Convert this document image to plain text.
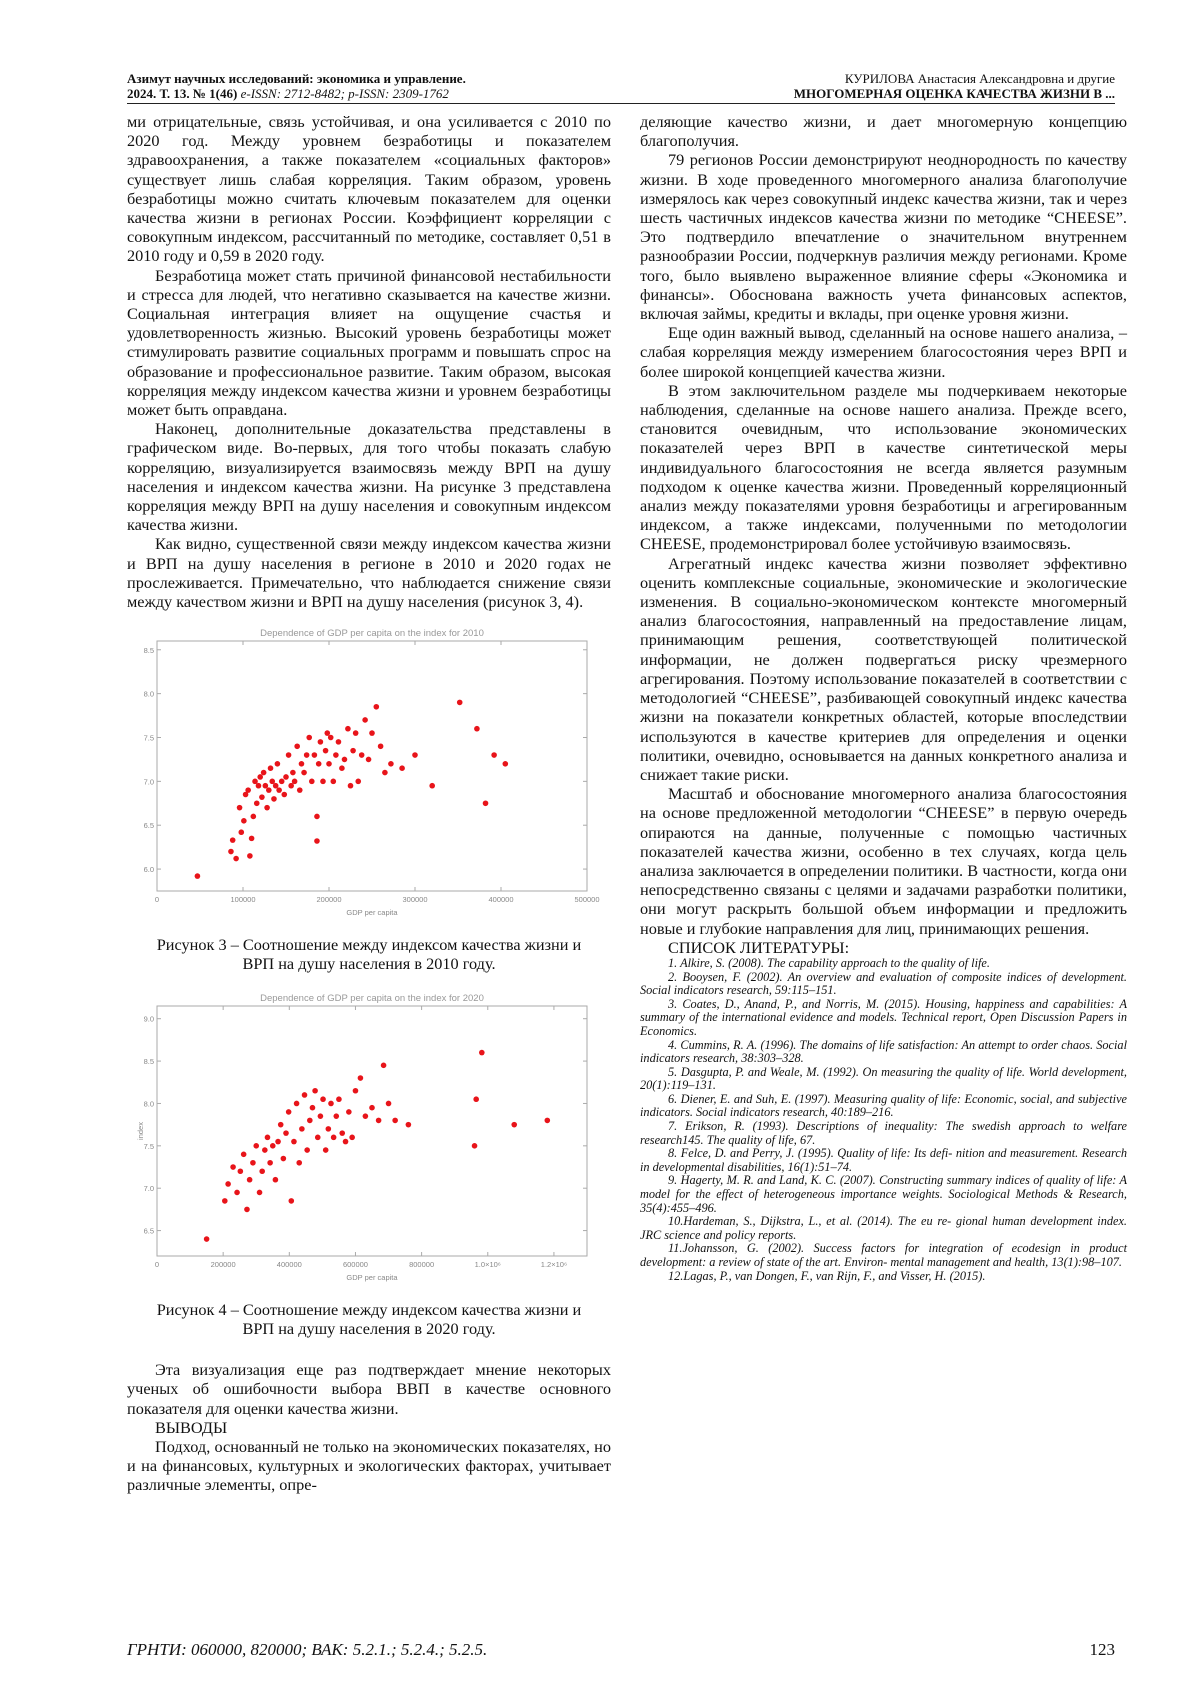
Азимут научных исследований: экономика и управление.
2024. Т. 13. № 1(46) e-ISSN: 2712-8482; p-ISSN: 2309-1762
КУРИЛОВА Анастасия Александровна и другие
МНОГОМЕРНАЯ ОЦЕНКА КАЧЕСТВА ЖИЗНИ В ...

ми отрицательные, связь устойчивая, и она усиливается с 2010 по 2020 год. Между уровнем безработицы и показателем здравоохранения, а также показателем «социальных факторов» существует лишь слабая корреляция. Таким образом, уровень безработицы можно считать ключевым показателем для оценки качества жизни в регионах России. Коэффициент корреляции с совокупным индексом, рассчитанный по методике, составляет 0,51 в 2010 году и 0,59 в 2020 году.

Безработица может стать причиной финансовой нестабильности и стресса для людей, что негативно сказывается на качестве жизни. Социальная интеграция влияет на ощущение счастья и удовлетворенность жизнью. Высокий уровень безработицы может стимулировать развитие социальных программ и повышать спрос на образование и профессиональное развитие. Таким образом, высокая корреляция между индексом качества жизни и уровнем безработицы может быть оправдана.

Наконец, дополнительные доказательства представлены в графическом виде. Во-первых, для того чтобы показать слабую корреляцию, визуализируется взаимосвязь между ВРП на душу населения и индексом качества жизни. На рисунке 3 представлена корреляция между ВРП на душу населения и совокупным индексом качества жизни.

Как видно, существенной связи между индексом качества жизни и ВРП на душу населения в регионе в 2010 и 2020 годах не прослеживается. Примечательно, что наблюдается снижение связи между качеством жизни и ВРП на душу населения (рисунок 3, 4).

Dependence of GDP per capita on the index for 2010
0	100000	200000	300000	400000	500000
6.0
6.5
7.0
7.5
8.0
8.5
GDP per capita
Рисунок 3 – Соотношение между индексом качества жизни и ВРП на душу населения в 2010 году.
Dependence of GDP per capita on the index for 2020
0	200000	400000	600000	800000	1.0×10⁶	1.2×10⁶
6.5
7.0
7.5
8.0
8.5
9.0
GDP per capita
index
Рисунок 4 – Соотношение между индексом качества жизни и ВРП на душу населения в 2020 году.

Эта визуализация еще раз подтверждает мнение некоторых ученых об ошибочности выбора ВВП в качестве основного показателя для оценки качества жизни.

ВЫВОДЫ

Подход, основанный не только на экономических показателях, но и на финансовых, культурных и экологических факторах, учитывает различные элементы, опре-

деляющие качество жизни, и дает многомерную концепцию благополучия.

79 регионов России демонстрируют неоднородность по качеству жизни. В ходе проведенного многомерного анализа благополучие измерялось как через совокупный индекс качества жизни, так и через шесть частичных индексов качества жизни по методике “CHEESE”. Это подтвердило впечатление о значительном внутреннем разнообразии России, подчеркнув различия между регионами. Кроме того, было выявлено выраженное влияние сферы «Экономика и финансы». Обоснована важность учета финансовых аспектов, включая займы, кредиты и вклады, при оценке уровня жизни.

Еще один важный вывод, сделанный на основе нашего анализа, – слабая корреляция между измерением благосостояния через ВРП и более широкой концепцией качества жизни.

В этом заключительном разделе мы подчеркиваем некоторые наблюдения, сделанные на основе нашего анализа. Прежде всего, становится очевидным, что использование экономических показателей через ВРП в качестве синтетической меры индивидуального благосостояния не всегда является разумным подходом к оценке качества жизни. Проведенный корреляционный анализ между показателями уровня безработицы и агрегированным индексом, а также индексами, полученными по методологии CHEESE, продемонстрировал более устойчивую взаимосвязь.

Агрегатный индекс качества жизни позволяет эффективно оценить комплексные социальные, экономические и экологические изменения. В социально-экономическом контексте многомерный анализ благосостояния, направленный на предоставление лицам, принимающим решения, соответствующей политической информации, не должен подвергаться риску чрезмерного агрегирования. Поэтому использование показателей в соответствии с методологией “CHEESE”, разбивающей совокупный индекс качества жизни на показатели конкретных областей, которые впоследствии используются в качестве критериев для определения и оценки политики, очевидно, основывается на данных конкретного анализа и снижает такие риски.

Масштаб и обоснование многомерного анализа благосостояния на основе предложенной методологии “CHEESE” в первую очередь опираются на данные, полученные с помощью частичных показателей качества жизни, особенно в тех случаях, когда цель анализа заключается в определении политики. В частности, когда они непосредственно связаны с целями и задачами разработки политики, они могут раскрыть большой объем информации и предложить новые и глубокие направления для лиц, принимающих решения.

СПИСОК ЛИТЕРАТУРЫ:

1. Alkire, S. (2008). The capability approach to the quality of life.

2. Booysen, F. (2002). An overview and evaluation of composite indices of development. Social indicators research, 59:115–151.

3. Coates, D., Anand, P., and Norris, M. (2015). Housing, happiness and capabilities: A summary of the international evidence and models. Technical report, Open Discussion Papers in Economics.

4. Cummins, R. A. (1996). The domains of life satisfaction: An attempt to order chaos. Social indicators research, 38:303–328.

5. Dasgupta, P. and Weale, M. (1992). On measuring the quality of life. World development, 20(1):119–131.

6. Diener, E. and Suh, E. (1997). Measuring quality of life: Economic, social, and subjective indicators. Social indicators research, 40:189–216.

7. Erikson, R. (1993). Descriptions of inequality: The swedish approach to welfare research145. The quality of life, 67.

8. Felce, D. and Perry, J. (1995). Quality of life: Its defi- nition and measurement. Research in developmental disabilities, 16(1):51–74.

9. Hagerty, M. R. and Land, K. C. (2007). Constructing summary indices of quality of life: A model for the effect of heterogeneous importance weights. Sociological Methods & Research, 35(4):455–496.

10.Hardeman, S., Dijkstra, L., et al. (2014). The eu re- gional human development index. JRC science and policy reports.

11.Johansson, G. (2002). Success factors for integration of ecodesign in product development: a review of state of the art. Environ- mental management and health, 13(1):98–107.

12.Lagas, P., van Dongen, F., van Rijn, F., and Visser, H. (2015).

ГРНТИ: 060000, 820000; ВАК: 5.2.1.; 5.2.4.; 5.2.5.	123
